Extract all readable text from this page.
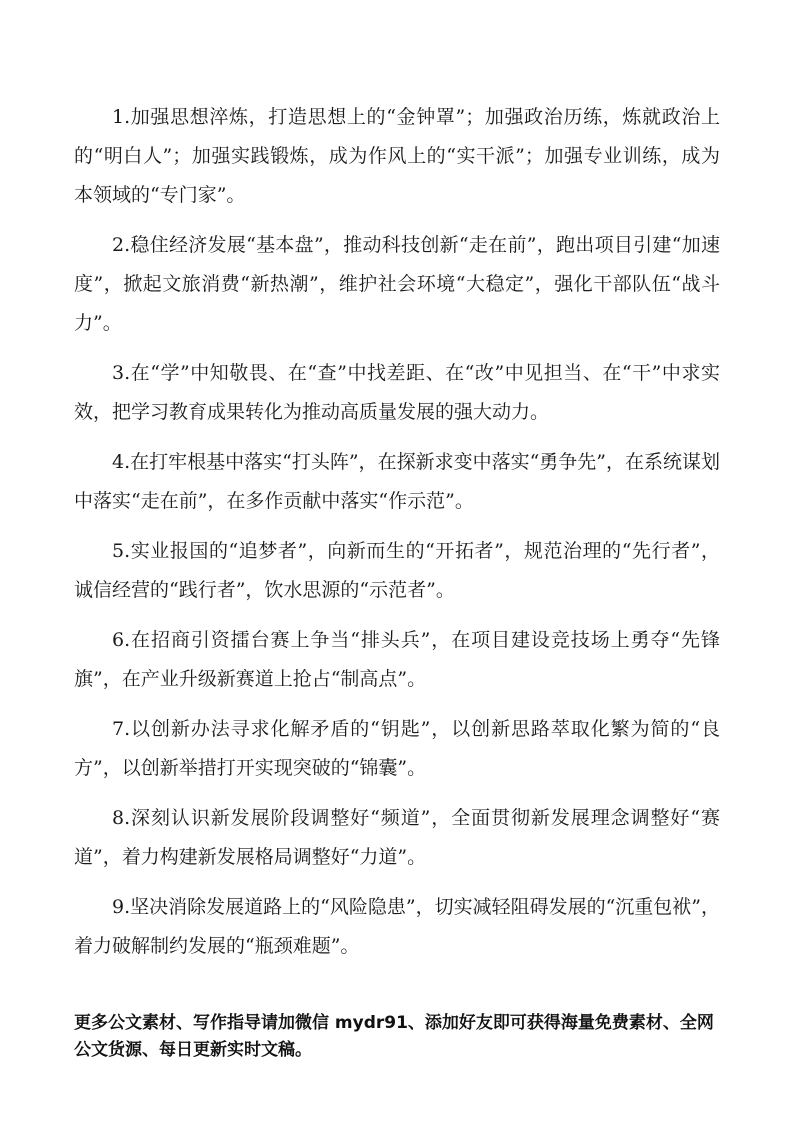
1.加强思想淬炼，打造思想上的“金钟罩”；加强政治历练，炼就政治上的“明白人”；加强实践锻炼，成为作风上的“实干派”；加强专业训练，成为本领域的“专门家”。

2.稳住经济发展“基本盘”，推动科技创新“走在前”，跑出项目引建“加速度”，掀起文旅消费“新热潮”，维护社会环境“大稳定”，强化干部队伍“战斗力”。

3.在“学”中知敬畏、在“查”中找差距、在“改”中见担当、在“干”中求实效，把学习教育成果转化为推动高质量发展的强大动力。

4.在打牢根基中落实“打头阵”，在探新求变中落实“勇争先”，在系统谋划中落实“走在前”，在多作贡献中落实“作示范”。

5.实业报国的“追梦者”，向新而生的“开拓者”，规范治理的“先行者”，诚信经营的“践行者”，饮水思源的“示范者”。

6.在招商引资擂台赛上争当“排头兵”，在项目建设竞技场上勇夺“先锋旗”，在产业升级新赛道上抢占“制高点”。

7.以创新办法寻求化解矛盾的“钥匙”，以创新思路萃取化繁为简的“良方”，以创新举措打开实现突破的“锦囊”。

8.深刻认识新发展阶段调整好“频道”，全面贯彻新发展理念调整好“赛道”，着力构建新发展格局调整好“力道”。

9.坚决消除发展道路上的“风险隐患”，切实减轻阻碍发展的“沉重包袱”，着力破解制约发展的“瓶颈难题”。

更多公文素材、写作指导请加微信 mydr91、添加好友即可获得海量免费素材、全网公文货源、每日更新实时文稿。
